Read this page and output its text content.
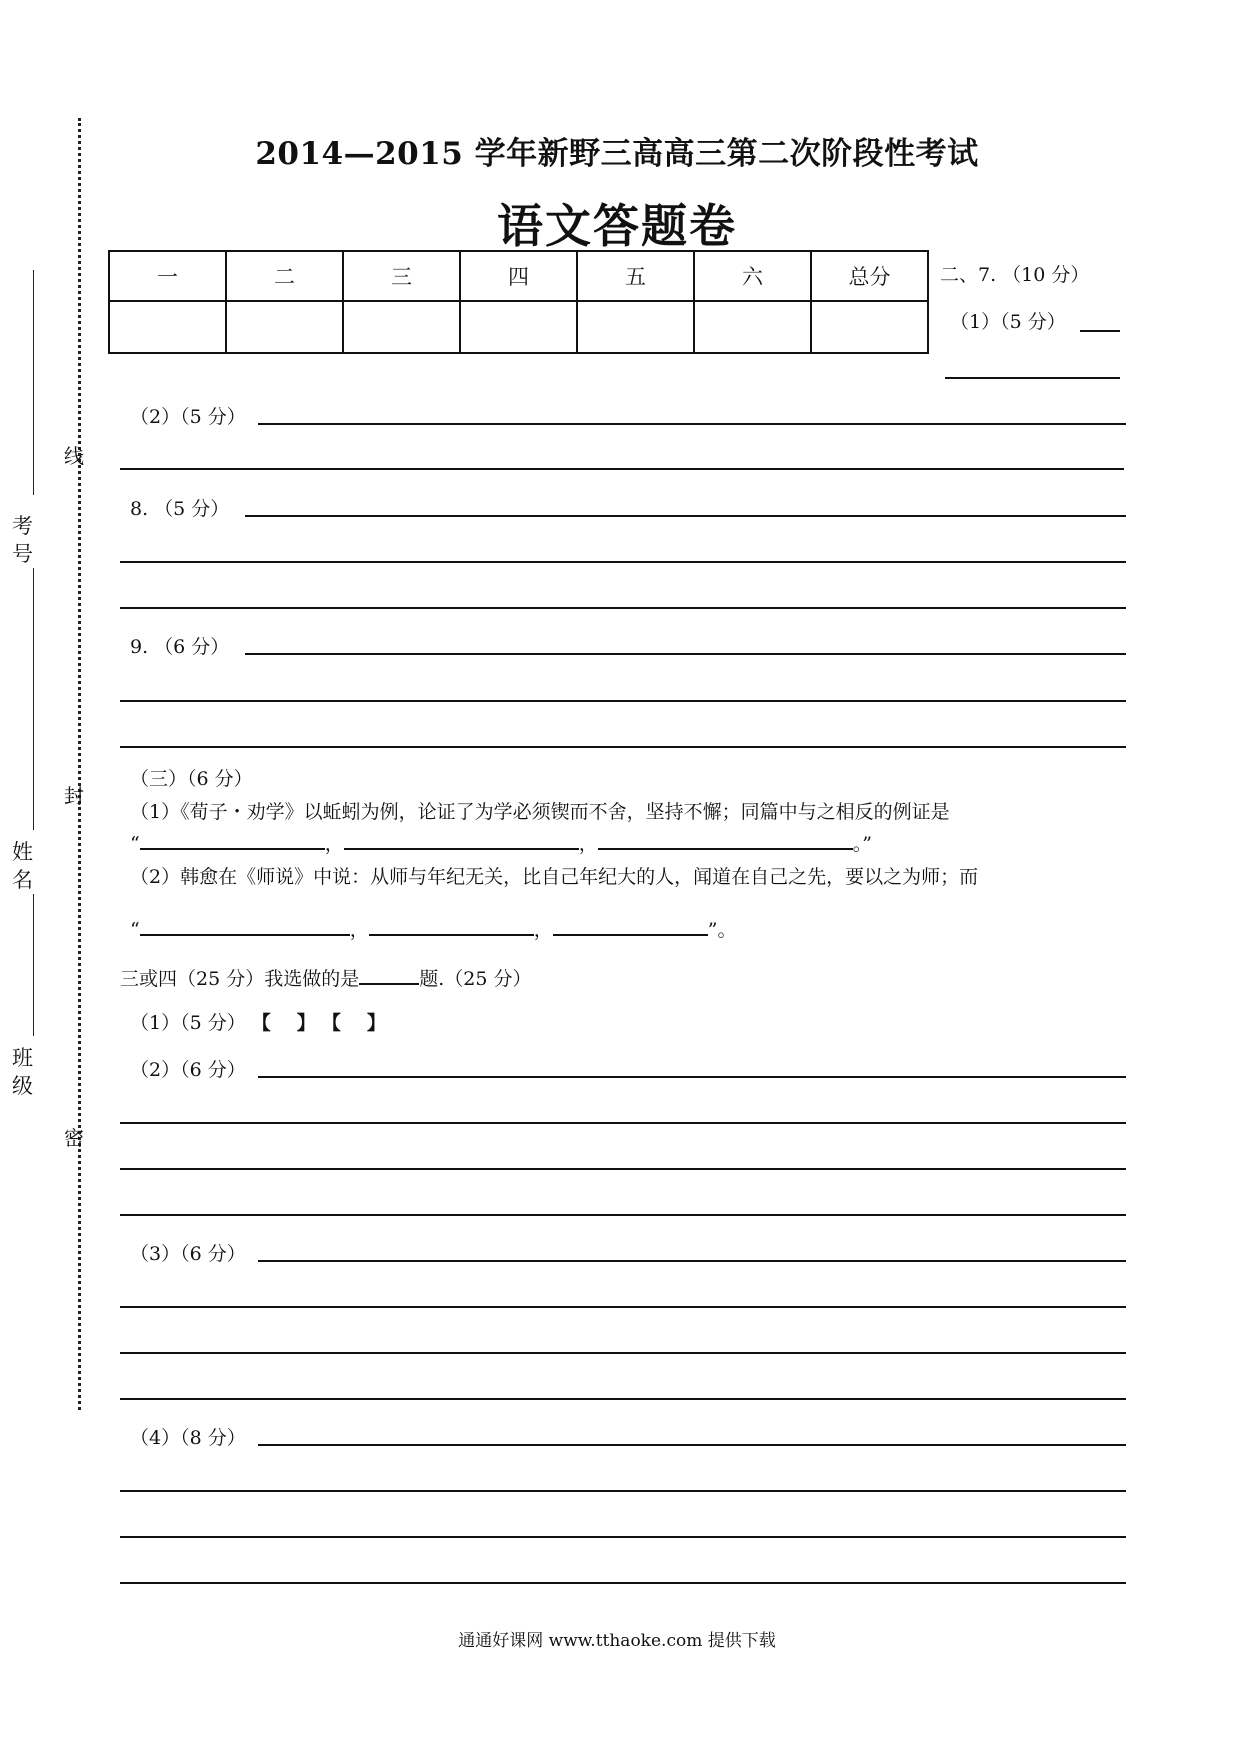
2014—2015 学年新野三高高三第二次阶段性考试
语文答题卷
线
封
密
考号
姓名
班级
一	二	三	四	五	六	总分
							二、7. （10 分）
（1）（5 分）
（2）（5 分）
8. （5 分）
9. （6 分）
（三）（6 分）
（1）《荀子・劝学》以蚯蚓为例，论证了为学必须锲而不舍，坚持不懈；同篇中与之相反的例证是
“	，	，	。”
（2）韩愈在《师说》中说：从师与年纪无关，比自己年纪大的人，闻道在自己之先，要以之为师；而
“	，	，	”。
三或四（25 分）我选做的是	题.（25 分）
（1）（5 分） 【 】 【 】
（2）（6 分）
（3）（6 分）
（4）（8 分）
通通好课网 www.tthaoke.com 提供下载
